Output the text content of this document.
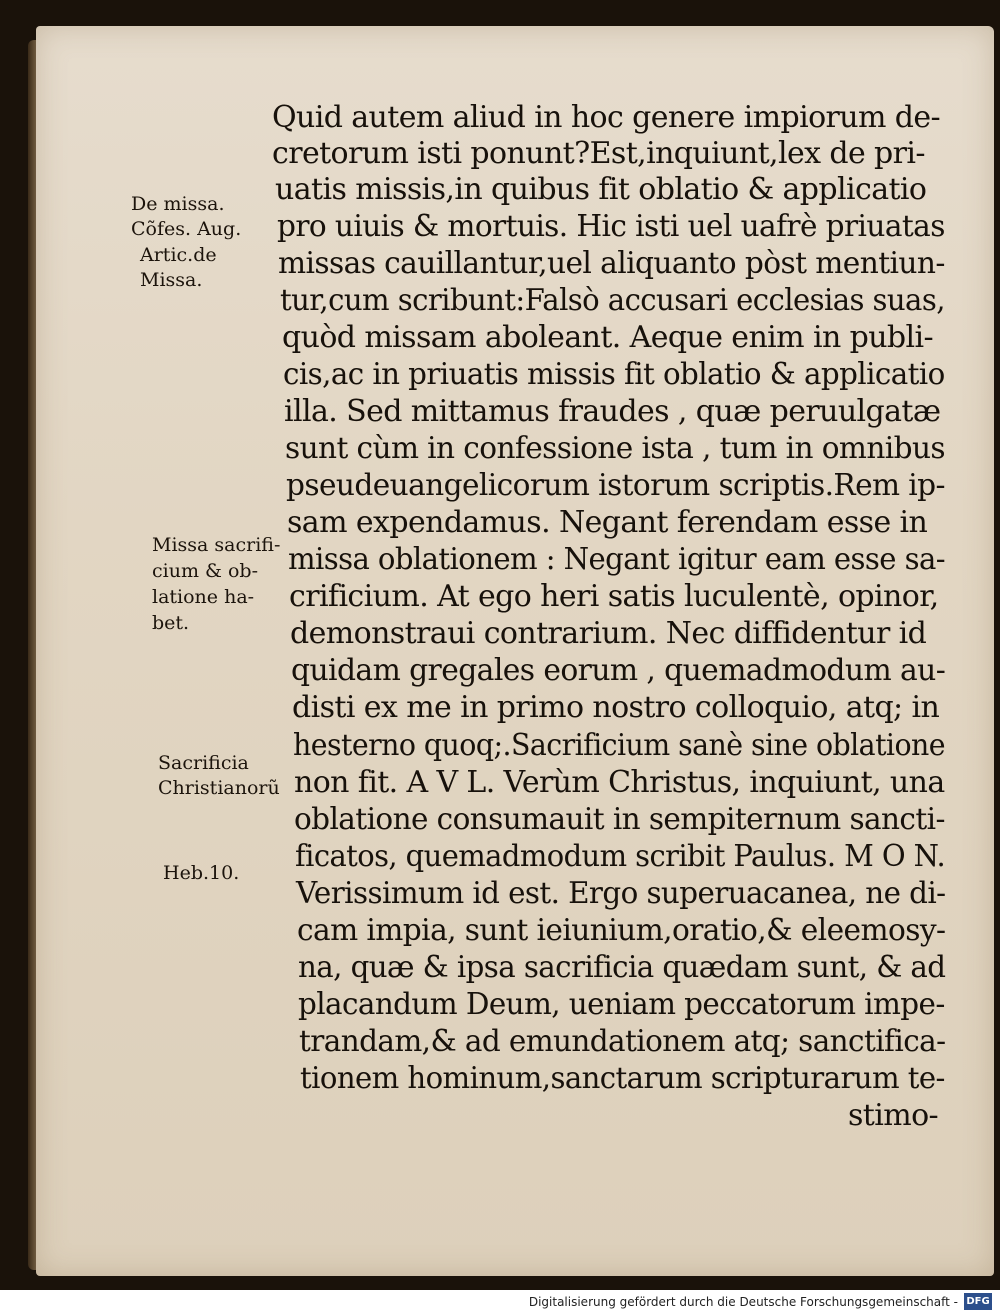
De missa.
Cõfes. Aug.
Artic.de
Missa.
Missa sacrifi-
cium & ob-
latione ha-
bet.
Sacrificia
Christianorũ
Heb.10.
Quid autem aliud in hoc genere impiorum de-
cretorum isti ponunt?Est,inquiunt,lex de pri-
uatis missis,in quibus fit oblatio & applicatio
pro uiuis & mortuis. Hic isti uel uafrè priuatas
missas cauillantur,uel aliquanto pòst mentiun-
tur,cum scribunt:Falsò accusari ecclesias suas,
quòd missam aboleant. Aeque enim in publi-
cis,ac in priuatis missis fit oblatio & applicatio
illa. Sed mittamus fraudes , quæ peruulgatæ
sunt cùm in confessione ista , tum in omnibus
pseudeuangelicorum istorum scriptis.Rem ip-
sam expendamus. Negant ferendam esse in
missa oblationem : Negant igitur eam esse sa-
crificium. At ego heri satis luculentè, opinor,
demonstraui contrarium. Nec diffidentur id
quidam gregales eorum , quemadmodum au-
disti ex me in primo nostro colloquio, atq; in
hesterno quoq;.Sacrificium sanè sine oblatione
non fit. A V L. Verùm Christus, inquiunt, una
oblatione consumauit in sempiternum sancti-
ficatos, quemadmodum scribit Paulus. M O N.
Verissimum id est. Ergo superuacanea, ne di-
cam impia, sunt ieiunium,oratio,& eleemosy-
na, quæ & ipsa sacrificia quædam sunt, & ad
placandum Deum, ueniam peccatorum impe-
trandam,& ad emundationem atq; sanctifica-
tionem hominum,sanctarum scripturarum te-
stimo-
Digitalisierung gefördert durch die Deutsche Forschungsgemeinschaft - DFG
